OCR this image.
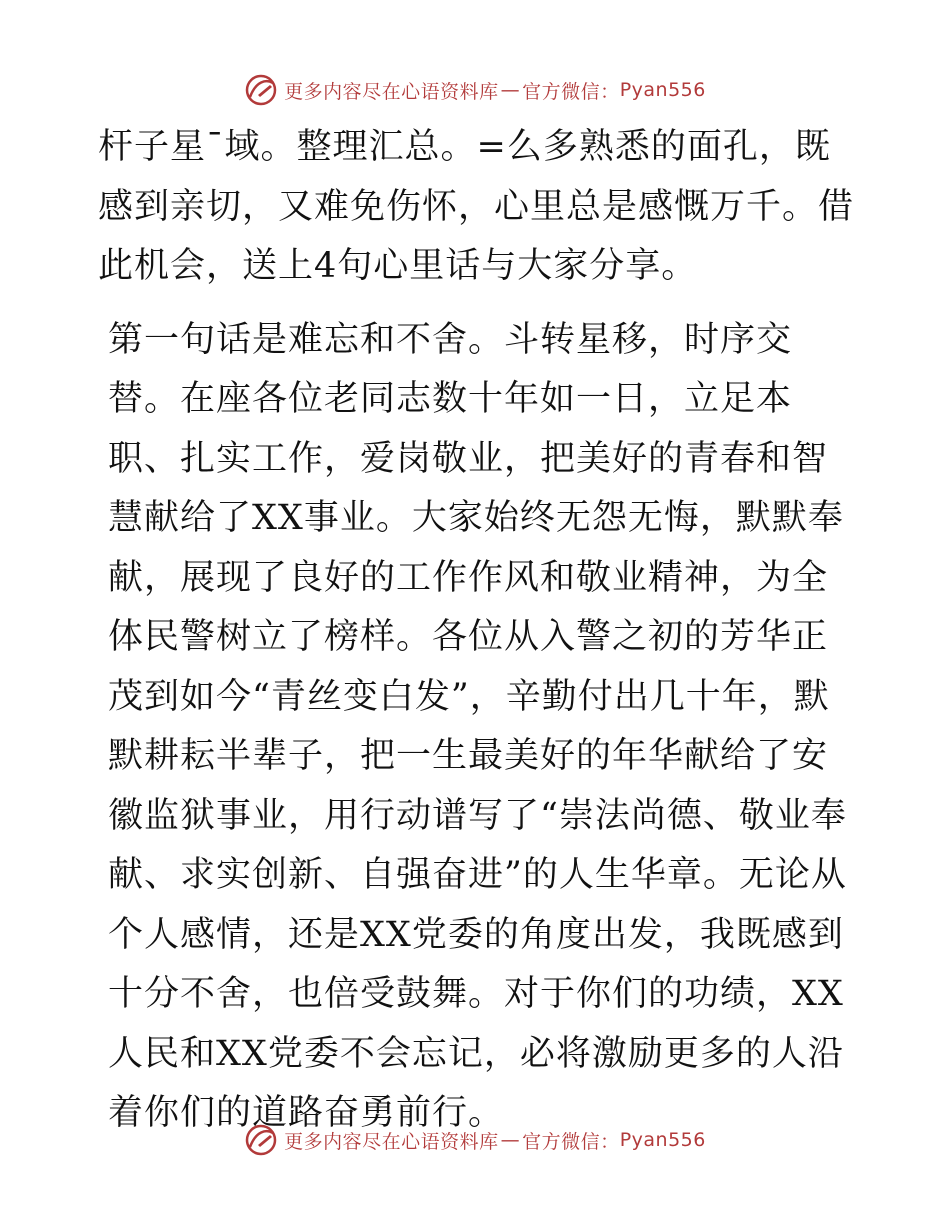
更多内容尽在心语资料库 — 官方微信： Pyan556

杆子星¯域。整理汇总。=么多熟悉的面孔，既感到亲切，又难免伤怀，心里总是感慨万千。借此机会，送上4句心里话与大家分享。

第一句话是难忘和不舍。斗转星移，时序交替。在座各位老同志数十年如一日，立足本职、扎实工作，爱岗敬业，把美好的青春和智慧献给了XX事业。大家始终无怨无悔，默默奉献，展现了良好的工作作风和敬业精神，为全体民警树立了榜样。各位从入警之初的芳华正茂到如今“青丝变白发”，辛勤付出几十年，默默耕耘半辈子，把一生最美好的年华献给了安徽监狱事业，用行动谱写了“崇法尚德、敬业奉献、求实创新、自强奋进”的人生华章。无论从个人感情，还是XX党委的角度出发，我既感到十分不舍，也倍受鼓舞。对于你们的功绩，XX人民和XX党委不会忘记，必将激励更多的人沿着你们的道路奋勇前行。

更多内容尽在心语资料库 — 官方微信： Pyan556
